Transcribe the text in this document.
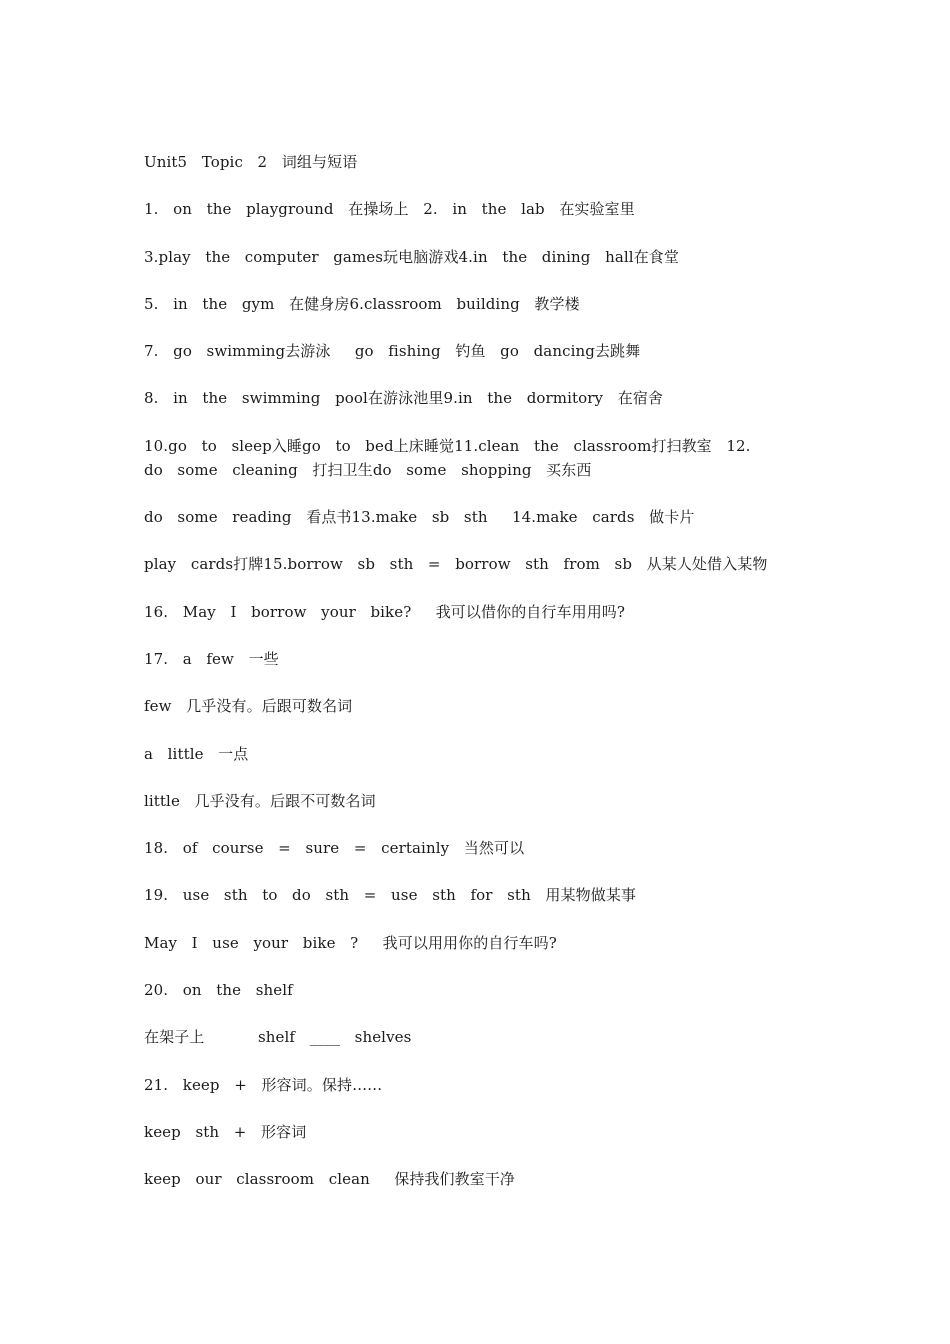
Unit5   Topic   2   词组与短语
1.   on   the   playground   在操场上   2.   in   the   lab   在实验室里
3.play   the   computer   games玩电脑游戏4.in   the   dining   hall在食堂
5.   in   the   gym   在健身房6.classroom   building   教学楼
7.   go   swimming去游泳     go   fishing   钓鱼   go   dancing去跳舞
8.   in   the   swimming   pool在游泳池里9.in   the   dormitory   在宿舍
10.go   to   sleep入睡go   to   bed上床睡觉11.clean   the   classroom打扫教室   12.
do   some   cleaning   打扫卫生do   some   shopping   买东西
do   some   reading   看点书13.make   sb   sth     14.make   cards   做卡片
play   cards打牌15.borrow   sb   sth   =   borrow   sth   from   sb   从某人处借入某物
16.   May   I   borrow   your   bike?     我可以借你的自行车用用吗?
17.   a   few   一些
few   几乎没有。后跟可数名词
a   little   一点
little   几乎没有。后跟不可数名词
18.   of   course   =   sure   =   certainly   当然可以
19.   use   sth   to   do   sth   =   use   sth   for   sth   用某物做某事
May   I   use   your   bike   ?     我可以用用你的自行车吗?
20.   on   the   shelf
在架子上           shelf   ____   shelves
21.   keep   +   形容词。保持……
keep   sth   +   形容词
keep   our   classroom   clean     保持我们教室干净
